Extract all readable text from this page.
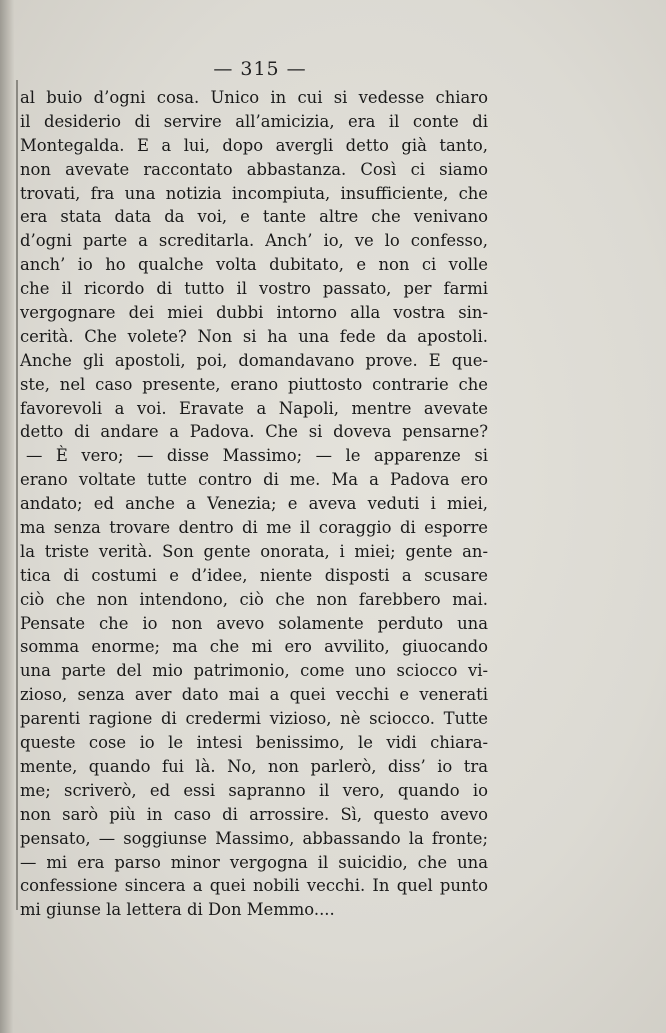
— 315 —
al buio d’ogni cosa. Unico in cui si vedesse chiaro
il desiderio di servire all’amicizia, era il conte di
Montegalda. E a lui, dopo avergli detto già tanto,
non avevate raccontato abbastanza. Così ci siamo
trovati, fra una notizia incompiuta, insufficiente, che
era stata data da voi, e tante altre che venivano
d’ogni parte a screditarla. Anch’ io, ve lo confesso,
anch’ io ho qualche volta dubitato, e non ci volle
che il ricordo di tutto il vostro passato, per farmi
vergognare dei miei dubbi intorno alla vostra sin-
cerità. Che volete? Non si ha una fede da apostoli.
Anche gli apostoli, poi, domandavano prove. E que-
ste, nel caso presente, erano piuttosto contrarie che
favorevoli a voi. Eravate a Napoli, mentre avevate
detto di andare a Padova. Che si doveva pensarne?
— È vero; — disse Massimo; — le apparenze si
erano voltate tutte contro di me. Ma a Padova ero
andato; ed anche a Venezia; e aveva veduti i miei,
ma senza trovare dentro di me il coraggio di esporre
la triste verità. Son gente onorata, i miei; gente an-
tica di costumi e d’idee, niente disposti a scusare
ciò che non intendono, ciò che non farebbero mai.
Pensate che io non avevo solamente perduto una
somma enorme; ma che mi ero avvilito, giuocando
una parte del mio patrimonio, come uno sciocco vi-
zioso, senza aver dato mai a quei vecchi e venerati
parenti ragione di credermi vizioso, nè sciocco. Tutte
queste cose io le intesi benissimo, le vidi chiara-
mente, quando fui là. No, non parlerò, diss’ io tra
me; scriverò, ed essi sapranno il vero, quando io
non sarò più in caso di arrossire. Sì, questo avevo
pensato, — soggiunse Massimo, abbassando la fronte;
— mi era parso minor vergogna il suicidio, che una
confessione sincera a quei nobili vecchi. In quel punto
mi giunse la lettera di Don Memmo....
